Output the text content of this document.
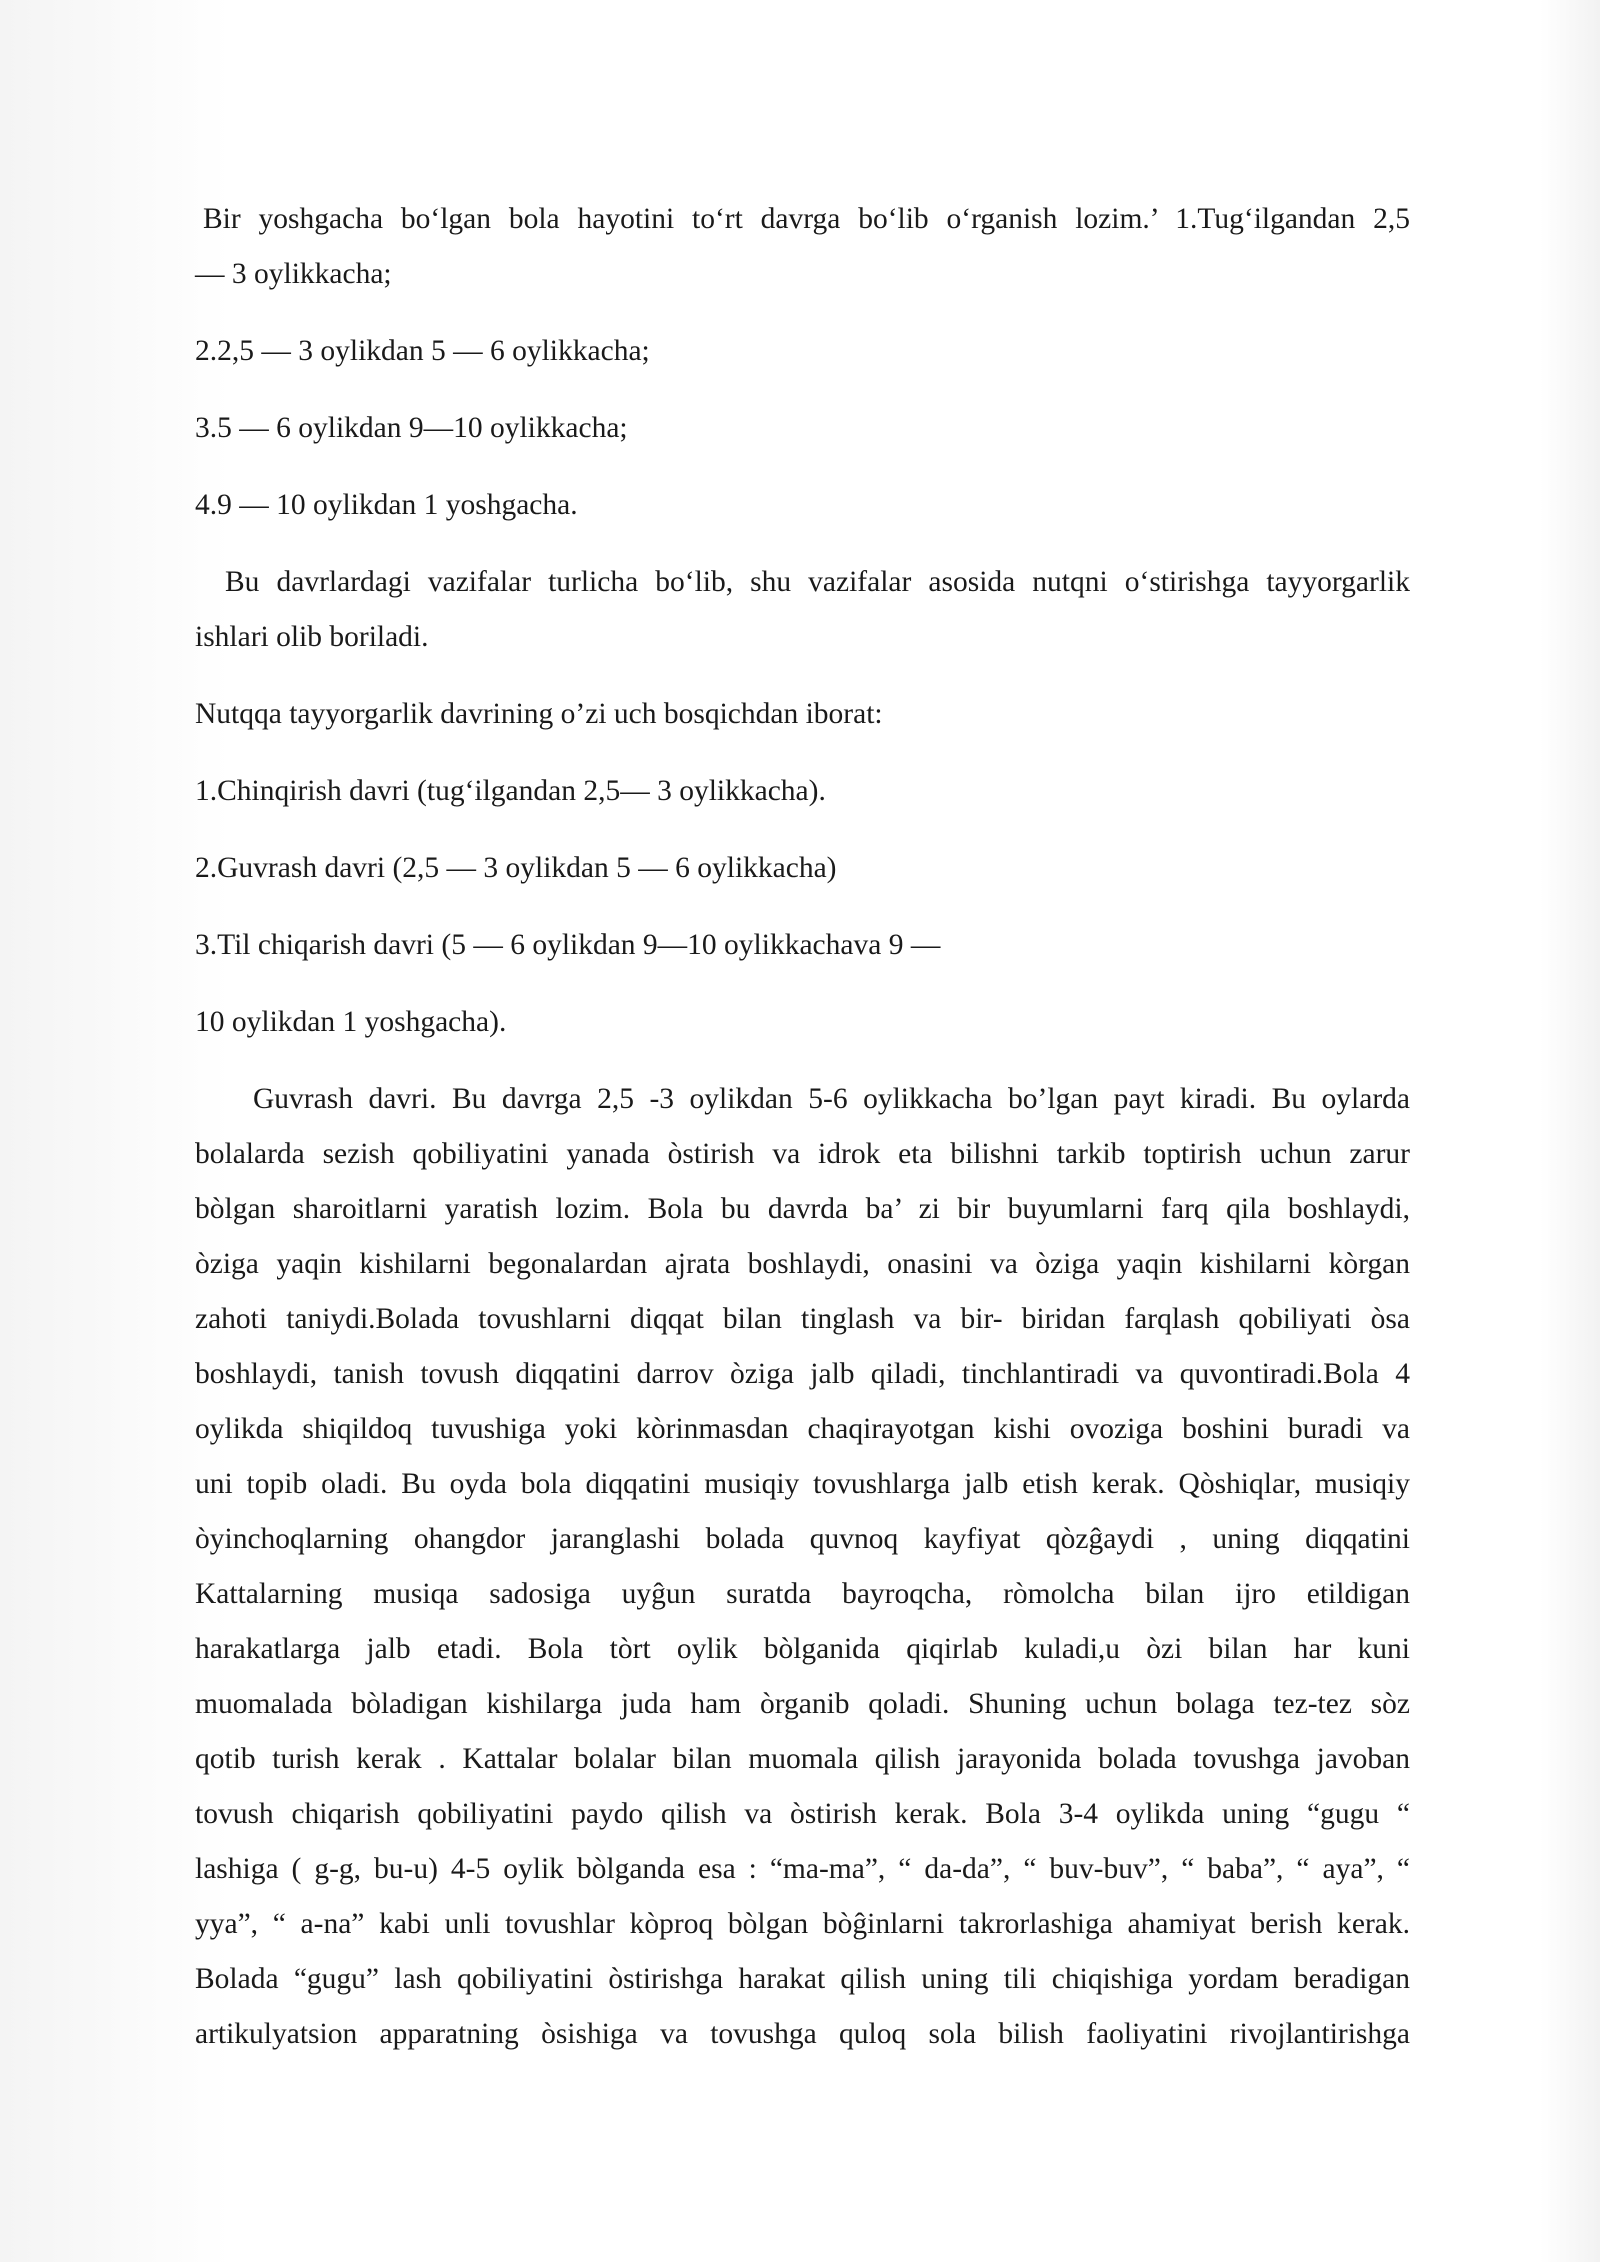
Bir yoshgacha bo‘lgan bola hayotini to‘rt davrga bo‘lib o‘rganish lozim.’ 1.Tug‘ilgandan 2,5
— 3 oylikkacha;
2.2,5 — 3 oylikdan 5 — 6 oylikkacha;
3.5 — 6 oylikdan 9—10 oylikkacha;
4.9 — 10 oylikdan 1 yoshgacha.
Bu davrlardagi vazifalar turlicha bo‘lib, shu vazifalar asosida nutqni o‘stirishga tayyorgarlik
ishlari olib boriladi.
Nutqqa tayyorgarlik davrining o’zi uch bosqichdan iborat:
1.Chinqirish davri (tug‘ilgandan 2,5— 3 oylikkacha).
2.Guvrash davri (2,5 — 3 oylikdan 5 — 6 oylikkacha)
3.Til chiqarish davri (5 — 6 oylikdan 9—10 oylikkachava 9 —
10 oylikdan 1 yoshgacha).
Guvrash davri. Bu davrga 2,5 -3 oylikdan 5-6 oylikkacha bo’lgan payt kiradi. Bu oylarda
bolalarda sezish qobiliyatini yanada òstirish va idrok eta bilishni tarkib toptirish uchun zarur
bòlgan sharoitlarni yaratish lozim. Bola bu davrda ba’ zi bir buyumlarni farq qila boshlaydi,
òziga yaqin kishilarni begonalardan ajrata boshlaydi, onasini va òziga yaqin kishilarni kòrgan
zahoti taniydi.Bolada tovushlarni diqqat bilan tinglash va bir- biridan farqlash qobiliyati òsa
boshlaydi, tanish tovush diqqatini darrov òziga jalb qiladi, tinchlantiradi va quvontiradi.Bola 4
oylikda shiqildoq tuvushiga yoki kòrinmasdan chaqirayotgan kishi ovoziga boshini buradi va
uni topib oladi. Bu oyda bola diqqatini musiqiy tovushlarga jalb etish kerak. Qòshiqlar, musiqiy
òyinchoqlarning ohangdor jaranglashi bolada quvnoq kayfiyat qòzĝaydi , uning diqqatini
Kattalarning musiqa sadosiga uyĝun suratda bayroqcha, ròmolcha bilan ijro etildigan
harakatlarga jalb etadi. Bola tòrt oylik bòlganida qiqirlab kuladi,u òzi bilan har kuni
muomalada bòladigan kishilarga juda ham òrganib qoladi. Shuning uchun bolaga tez-tez sòz
qotib turish kerak . Kattalar bolalar bilan muomala qilish jarayonida bolada tovushga javoban
tovush chiqarish qobiliyatini paydo qilish va òstirish kerak. Bola 3-4 oylikda uning “gugu “
lashiga ( g-g, bu-u) 4-5 oylik bòlganda esa : “ma-ma”, “ da-da”, “ buv-buv”, “ baba”, “ aya”, “
yya”, “ a-na” kabi unli tovushlar kòproq bòlgan bòĝinlarni takrorlashiga ahamiyat berish kerak.
Bolada “gugu” lash qobiliyatini òstirishga harakat qilish uning tili chiqishiga yordam beradigan
artikulyatsion apparatning òsishiga va tovushga quloq sola bilish faoliyatini rivojlantirishga
